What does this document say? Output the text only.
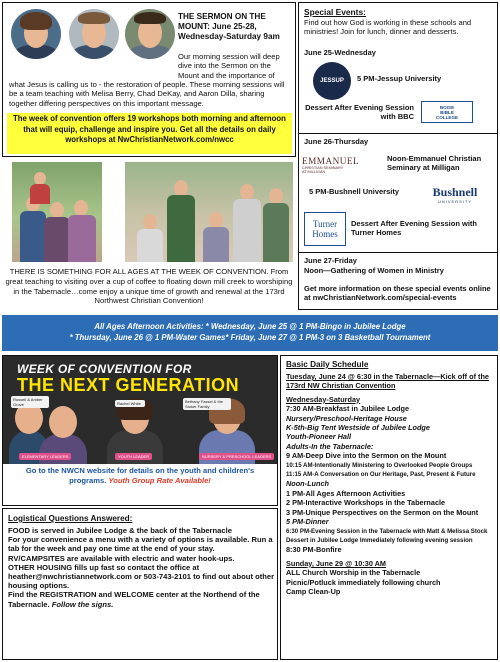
THE SERMON ON THE MOUNT: June 25-28, Wednesday-Saturday 9am
Our morning session will deep dive into the Sermon on the Mount and the importance of
what Jesus is calling us to - the restoration of people. These morning sessions will be a team teaching with Melisa Berry, Chad DeKay, and Aaron Dilla, sharing together differing perspectives on this important message.
The week of convention offers 19 workshops both morning and afternoon that will equip, challenge and inspire you. Get all the details on daily workshops at NwChristianNetwork.com/nwcc
THERE IS SOMETHING FOR ALL AGES AT THE WEEK OF CONVENTION. From great teaching to visiting over a cup of coffee to floating down mill creek to worshiping in the Tabernacle…come enjoy a unique time of growth and renewal at the 173rd Northwest Christian Convention!
Special Events:
Find out how God is working in these schools and ministries! Join for lunch, dinner and desserts.
June 25-Wednesday
JESSUP 5 PM-Jessup University
Dessert After Evening Session with BBC
BOISE
BIBLE
COLLEGE
June 26-Thursday
EMMANUEL
CHRISTIAN SEMINARY
AT MILLIGAN
Noon-Emmanuel Christian Seminary at Milligan
5 PM-Bushnell University	Bushnell
UNIVERSITY
Turner
Homes
Dessert After Evening Session with Turner Homes
June 27-Friday
Noon—Gathering of Women in Ministry
Get more information on these special events online at nwChristianNetwork.com/special-events
All Ages Afternoon Activities: * Wednesday, June 25 @ 1 PM-Bingo in Jubilee Lodge
* Thursday, June 26 @ 1 PM-Water Games* Friday, June 27 @ 1 PM-3 on 3 Basketball Tournament
WEEK OF CONVENTION FOR
THE NEXT GENERATION
Russell & Amber Grove	Rachel White	Bethany Fassel & the Stoker Family
ELEMENTARY LEADERS	YOUTH LEADER	NURSERY & PRESCHOOL LEADERS
Go to the NWCN website for details on the youth and children's programs. Youth Group Rate Available!
Logistical Questions Answered:
FOOD is served in Jubilee Lodge & the back of the Tabernacle
For your convenience a menu with a variety of options is available. Run a tab for the week and pay one time at the end of your stay.
RV/CAMPSITES are available with electric and water hook-ups.
OTHER HOUSING fills up fast so contact the office at heather@nwchristiannetwork.com or 503-743-2101 to find out about other housing options.
Find the REGISTRATION and WELCOME center at the Northend of the Tabernacle. Follow the signs.
Basic Daily Schedule
Tuesday, June 24 @ 6:30 in the Tabernacle—Kick off of the 173rd NW Christian Convention
Wednesday-Saturday
7:30 AM-Breakfast in Jubilee Lodge
Nursery/Preschool-Heritage House
K-5th-Big Tent Westside of Jubilee Lodge
Youth-Pioneer Hall
Adults-In the Tabernacle:
9 AM-Deep Dive into the Sermon on the Mount
10:15 AM-Intentionally Ministering to Overlooked People Groups
11:15 AM-A Conversation on Our Heritage, Past, Present & Future
Noon-Lunch
1 PM-All Ages Afternoon Activities
2 PM-Interactive Workshops in the Tabernacle
3 PM-Unique Perspectives on the Sermon on the Mount
5 PM-Dinner
6:30 PM-Evening Session in the Tabernacle with Matt & Melissa Stock
Dessert in Jubilee Lodge Immediately following evening session
8:30 PM-Bonfire
Sunday, June 29 @ 10:30 AM
ALL Church Worship in the Tabernacle
Picnic/Potluck immediately following church
Camp Clean-Up
